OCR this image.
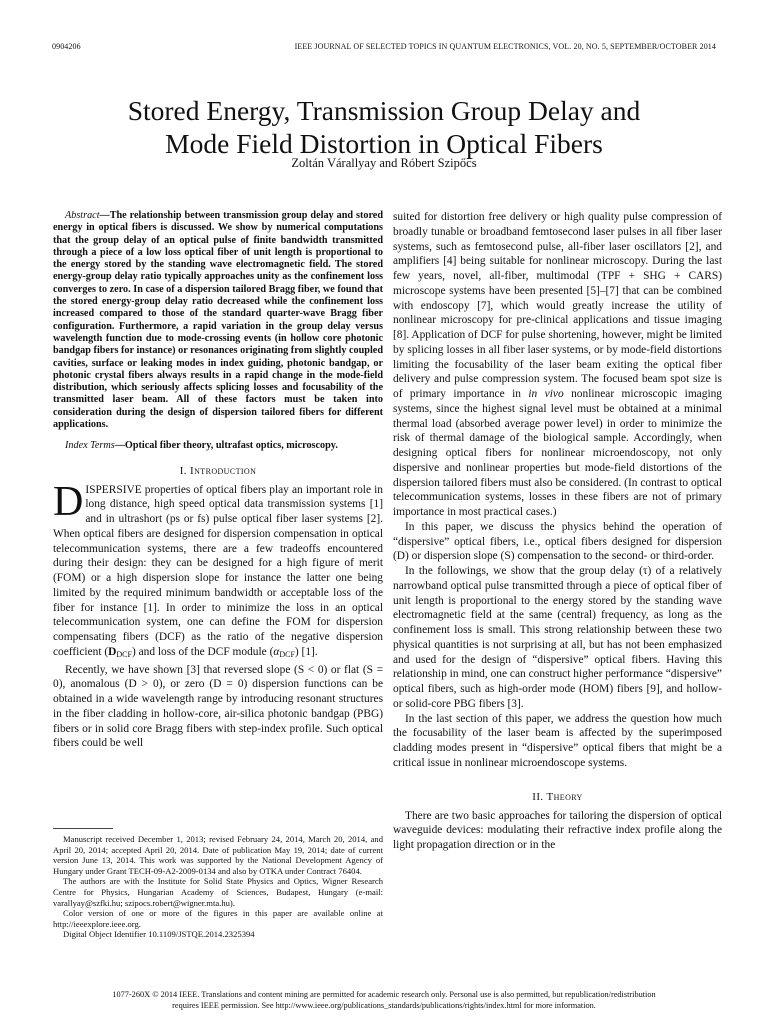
0904206	IEEE JOURNAL OF SELECTED TOPICS IN QUANTUM ELECTRONICS, VOL. 20, NO. 5, SEPTEMBER/OCTOBER 2014
Stored Energy, Transmission Group Delay and
Mode Field Distortion in Optical Fibers
Zoltán Várallyay and Róbert Szipőcs

Abstract—The relationship between transmission group delay and stored energy in optical fibers is discussed. We show by numerical computations that the group delay of an optical pulse of finite bandwidth transmitted through a piece of a low loss optical fiber of unit length is proportional to the energy stored by the standing wave electromagnetic field. The stored energy-group delay ratio typically approaches unity as the confinement loss converges to zero. In case of a dispersion tailored Bragg fiber, we found that the stored energy-group delay ratio decreased while the confinement loss increased compared to those of the standard quarter-wave Bragg fiber configuration. Furthermore, a rapid variation in the group delay versus wavelength function due to mode-crossing events (in hollow core photonic bandgap fibers for instance) or resonances originating from slightly coupled cavities, surface or leaking modes in index guiding, photonic bandgap, or photonic crystal fibers always results in a rapid change in the mode-field distribution, which seriously affects splicing losses and focusability of the transmitted laser beam. All of these factors must be taken into consideration during the design of dispersion tailored fibers for different applications.

Index Terms—Optical fiber theory, ultrafast optics, microscopy.

I. Introduction

DISPERSIVE properties of optical fibers play an important role in long distance, high speed optical data transmission systems [1] and in ultrashort (ps or fs) pulse optical fiber laser systems [2]. When optical fibers are designed for dispersion compensation in optical telecommunication systems, there are a few tradeoffs encountered during their design: they can be designed for a high figure of merit (FOM) or a high dispersion slope for instance the latter one being limited by the required minimum bandwidth or acceptable loss of the fiber for instance [1]. In order to minimize the loss in an optical telecommunication system, one can define the FOM for dispersion compensating fibers (DCF) as the ratio of the negative dispersion coefficient $(D_{DCF})$ and loss of the DCF module $(\alpha_{DCF})$ [1].

Recently, we have shown [3] that reversed slope (S < 0) or flat (S = 0), anomalous (D > 0), or zero (D = 0) dispersion functions can be obtained in a wide wavelength range by introducing resonant structures in the fiber cladding in hollow-core, air-silica photonic bandgap (PBG) fibers or in solid core Bragg fibers with step-index profile. Such optical fibers could be well

Manuscript received December 1, 2013; revised February 24, 2014, March 20, 2014, and April 20, 2014; accepted April 20, 2014. Date of publication May 19, 2014; date of current version June 13, 2014. This work was supported by the National Development Agency of Hungary under Grant TECH-09-A2-2009-0134 and also by OTKA under Contract 76404.

The authors are with the Institute for Solid State Physics and Optics, Wigner Research Centre for Physics, Hungarian Academy of Sciences, Budapest, Hungary (e-mail: varallyay@szfki.hu; szipocs.robert@wigner.mta.hu).

Color version of one or more of the figures in this paper are available online at http://ieeexplore.ieee.org.

Digital Object Identifier 10.1109/JSTQE.2014.2325394

suited for distortion free delivery or high quality pulse compression of broadly tunable or broadband femtosecond laser pulses in all fiber laser systems, such as femtosecond pulse, all-fiber laser oscillators [2], and amplifiers [4] being suitable for nonlinear microscopy. During the last few years, novel, all-fiber, multimodal (TPF + SHG + CARS) microscope systems have been presented [5]–[7] that can be combined with endoscopy [7], which would greatly increase the utility of nonlinear microscopy for pre-clinical applications and tissue imaging [8]. Application of DCF for pulse shortening, however, might be limited by splicing losses in all fiber laser systems, or by mode-field distortions limiting the focusability of the laser beam exiting the optical fiber delivery and pulse compression system. The focused beam spot size is of primary importance in in vivo nonlinear microscopic imaging systems, since the highest signal level must be obtained at a minimal thermal load (absorbed average power level) in order to minimize the risk of thermal damage of the biological sample. Accordingly, when designing optical fibers for nonlinear microendoscopy, not only dispersive and nonlinear properties but mode-field distortions of the dispersion tailored fibers must also be considered. (In contrast to optical telecommunication systems, losses in these fibers are not of primary importance in most practical cases.)

In this paper, we discuss the physics behind the operation of “dispersive” optical fibers, i.e., optical fibers designed for dispersion (D) or dispersion slope (S) compensation to the second- or third-order.

In the followings, we show that the group delay (τ) of a relatively narrowband optical pulse transmitted through a piece of optical fiber of unit length is proportional to the energy stored by the standing wave electromagnetic field at the same (central) frequency, as long as the confinement loss is small. This strong relationship between these two physical quantities is not surprising at all, but has not been emphasized and used for the design of “dispersive” optical fibers. Having this relationship in mind, one can construct higher performance “dispersive” optical fibers, such as high-order mode (HOM) fibers [9], and hollow- or solid-core PBG fibers [3].

In the last section of this paper, we address the question how much the focusability of the laser beam is affected by the superimposed cladding modes present in “dispersive” optical fibers that might be a critical issue in nonlinear microendoscope systems.

II. Theory

There are two basic approaches for tailoring the dispersion of optical waveguide devices: modulating their refractive index profile along the light propagation direction or in the

1077-260X © 2014 IEEE. Translations and content mining are permitted for academic research only. Personal use is also permitted, but republication/redistribution
requires IEEE permission. See http://www.ieee.org/publications_standards/publications/rights/index.html for more information.
